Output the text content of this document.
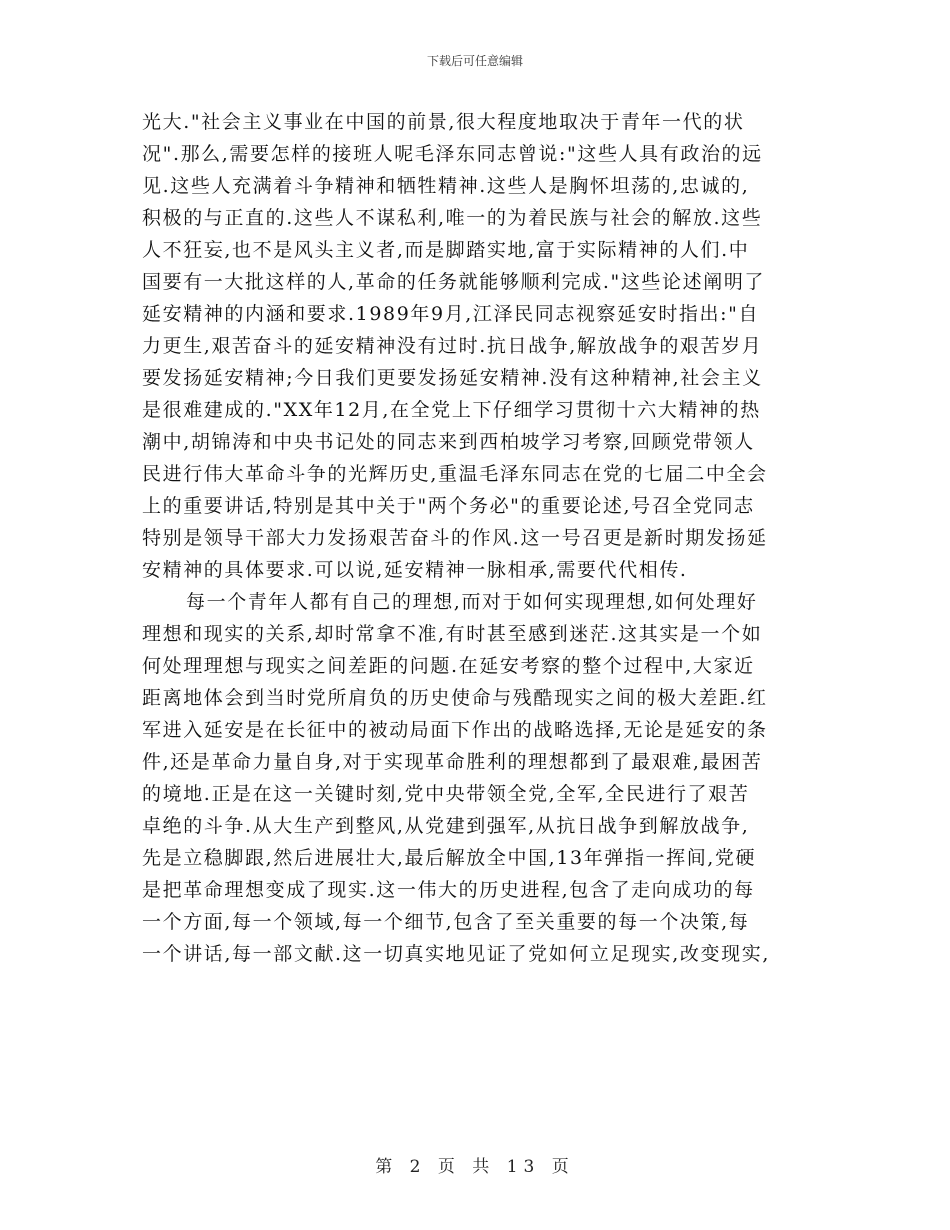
下载后可任意编辑
光大."社会主义事业在中国的前景,很大程度地取决于青年一代的状
况".那么,需要怎样的接班人呢毛泽东同志曾说:"这些人具有政治的远
见.这些人充满着斗争精神和牺牲精神.这些人是胸怀坦荡的,忠诚的,
积极的与正直的.这些人不谋私利,唯一的为着民族与社会的解放.这些
人不狂妄,也不是风头主义者,而是脚踏实地,富于实际精神的人们.中
国要有一大批这样的人,革命的任务就能够顺利完成."这些论述阐明了
延安精神的内涵和要求.1989年9月,江泽民同志视察延安时指出:"自
力更生,艰苦奋斗的延安精神没有过时.抗日战争,解放战争的艰苦岁月
要发扬延安精神;今日我们更要发扬延安精神.没有这种精神,社会主义
是很难建成的."XX年12月,在全党上下仔细学习贯彻十六大精神的热
潮中,胡锦涛和中央书记处的同志来到西柏坡学习考察,回顾党带领人
民进行伟大革命斗争的光辉历史,重温毛泽东同志在党的七届二中全会
上的重要讲话,特别是其中关于"两个务必"的重要论述,号召全党同志
特别是领导干部大力发扬艰苦奋斗的作风.这一号召更是新时期发扬延
安精神的具体要求.可以说,延安精神一脉相承,需要代代相传.
每一个青年人都有自己的理想,而对于如何实现理想,如何处理好
理想和现实的关系,却时常拿不准,有时甚至感到迷茫.这其实是一个如
何处理理想与现实之间差距的问题.在延安考察的整个过程中,大家近
距离地体会到当时党所肩负的历史使命与残酷现实之间的极大差距.红
军进入延安是在长征中的被动局面下作出的战略选择,无论是延安的条
件,还是革命力量自身,对于实现革命胜利的理想都到了最艰难,最困苦
的境地.正是在这一关键时刻,党中央带领全党,全军,全民进行了艰苦
卓绝的斗争.从大生产到整风,从党建到强军,从抗日战争到解放战争,
先是立稳脚跟,然后进展壮大,最后解放全中国,13年弹指一挥间,党硬
是把革命理想变成了现实.这一伟大的历史进程,包含了走向成功的每
一个方面,每一个领域,每一个细节,包含了至关重要的每一个决策,每
一个讲话,每一部文献.这一切真实地见证了党如何立足现实,改变现实,
第 2 页 共 13 页
